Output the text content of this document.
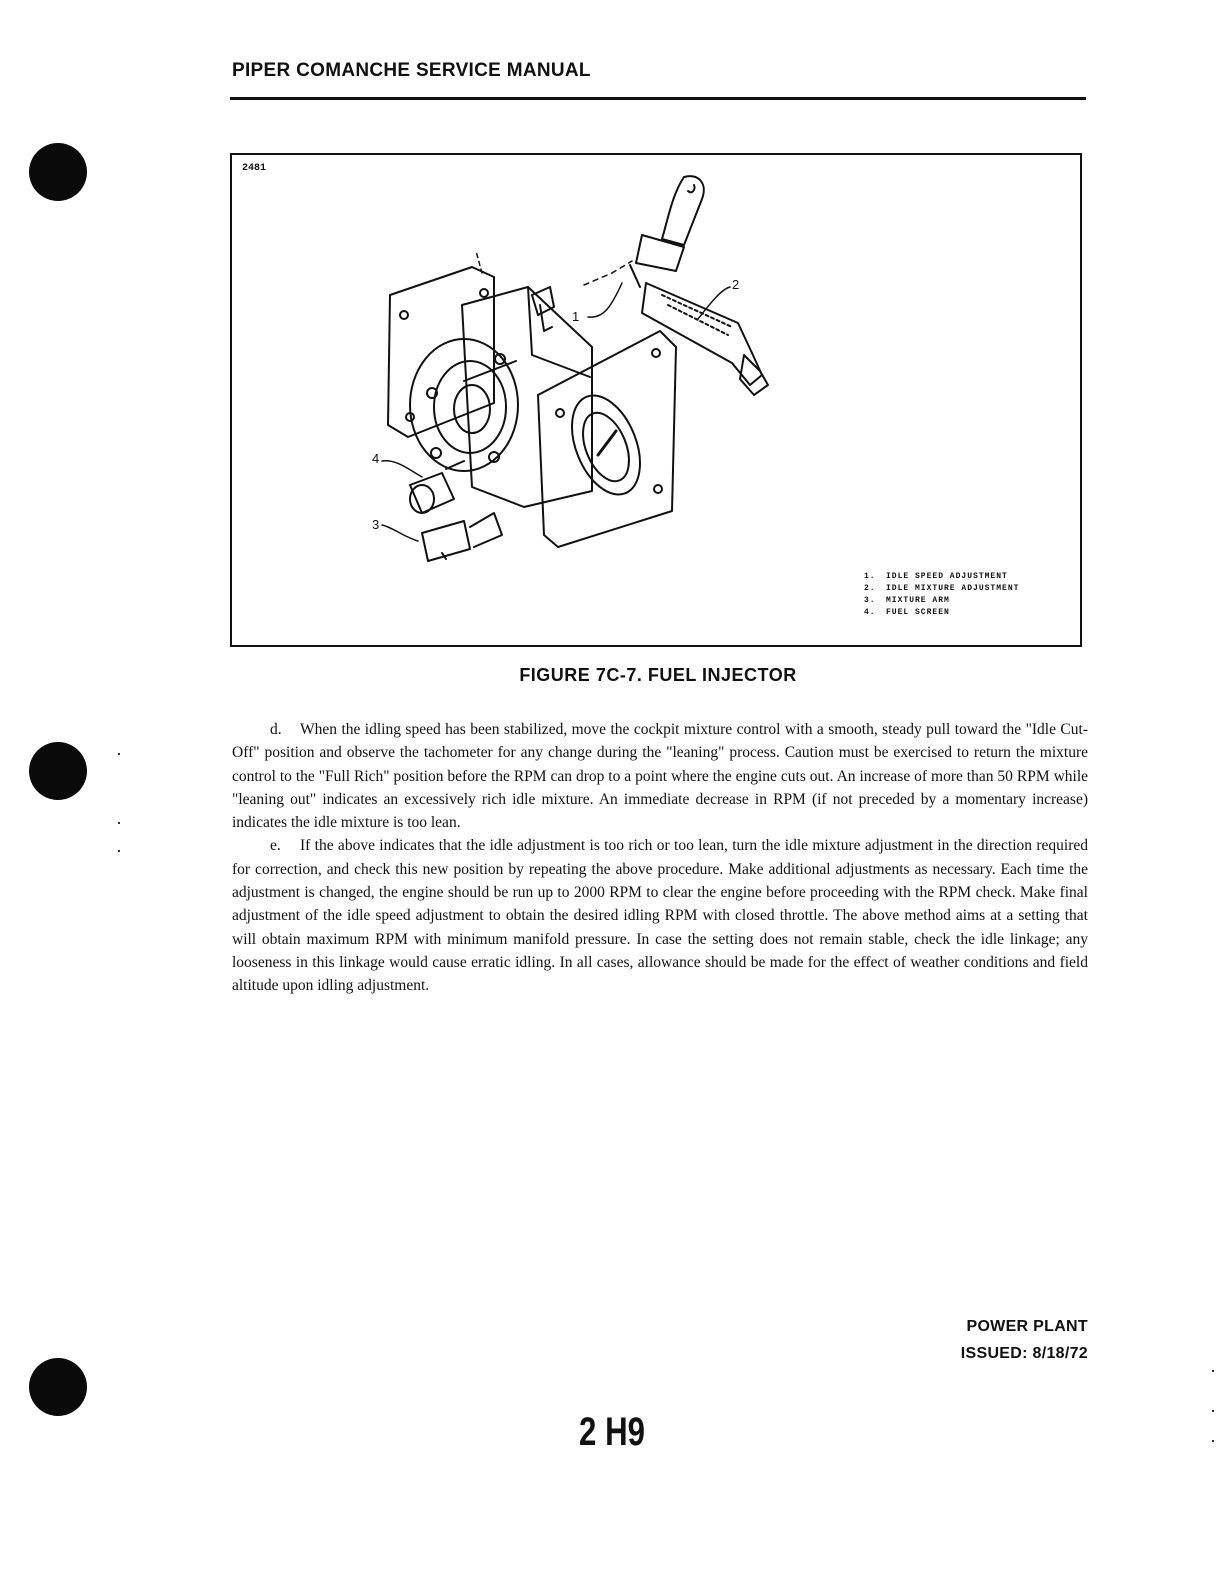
PIPER COMANCHE SERVICE MANUAL
2481
1
2
4
3
1. IDLE SPEED ADJUSTMENT
2. IDLE MIXTURE ADJUSTMENT
3. MIXTURE ARM
4. FUEL SCREEN
FIGURE 7C-7. FUEL INJECTOR

d. When the idling speed has been stabilized, move the cockpit mixture control with a smooth, steady pull toward the "Idle Cut-Off" position and observe the tachometer for any change during the "leaning" process. Caution must be exercised to return the mixture control to the "Full Rich" position before the RPM can drop to a point where the engine cuts out. An increase of more than 50 RPM while "leaning out" indicates an excessively rich idle mixture. An immediate decrease in RPM (if not preceded by a momentary increase) indicates the idle mixture is too lean.

e. If the above indicates that the idle adjustment is too rich or too lean, turn the idle mixture adjustment in the direction required for correction, and check this new position by repeating the above procedure. Make additional adjustments as necessary. Each time the adjustment is changed, the engine should be run up to 2000 RPM to clear the engine before proceeding with the RPM check. Make final adjustment of the idle speed adjustment to obtain the desired idling RPM with closed throttle. The above method aims at a setting that will obtain maximum RPM with minimum manifold pressure. In case the setting does not remain stable, check the idle linkage; any looseness in this linkage would cause erratic idling. In all cases, allowance should be made for the effect of weather conditions and field altitude upon idling adjustment.

POWER PLANT
ISSUED: 8/18/72
2 H9
